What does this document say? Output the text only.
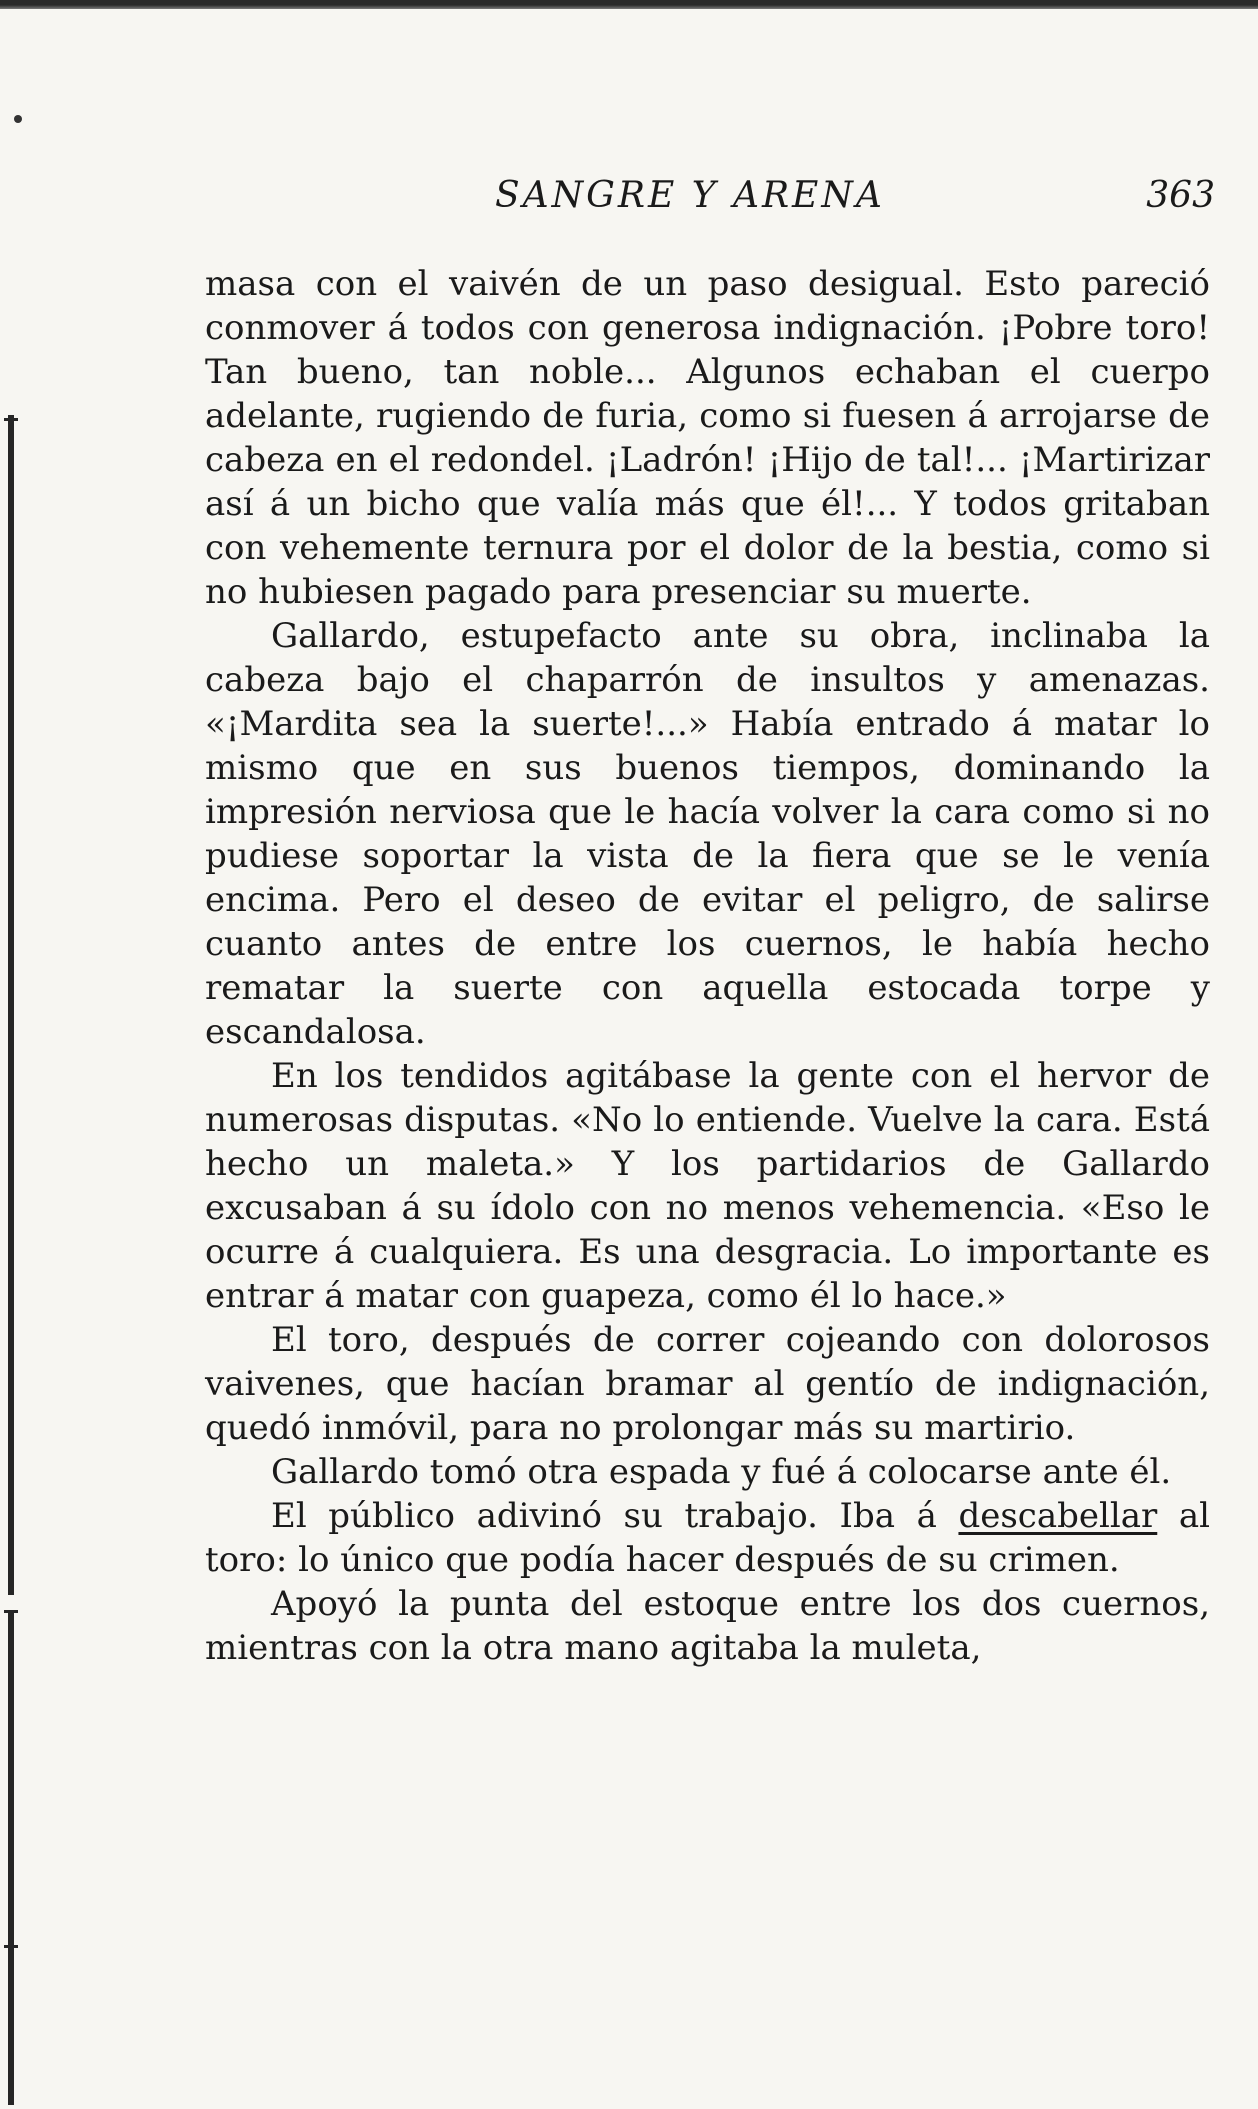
SANGRE Y ARENA	363

masa con el vaivén de un paso desigual. Esto pareció conmover á todos con generosa indignación. ¡Pobre toro! Tan bueno, tan noble... Algunos echaban el cuerpo adelante, rugiendo de furia, como si fuesen á arrojarse de cabeza en el redondel. ¡Ladrón! ¡Hijo de tal!... ¡Martirizar así á un bicho que valía más que él!... Y todos gritaban con vehemente ternura por el dolor de la bestia, como si no hubiesen pagado para presenciar su muerte.

Gallardo, estupefacto ante su obra, inclinaba la cabeza bajo el chaparrón de insultos y amenazas. «¡Mardita sea la suerte!...» Había entrado á matar lo mismo que en sus buenos tiempos, dominando la impresión nerviosa que le hacía volver la cara como si no pudiese soportar la vista de la fiera que se le venía encima. Pero el deseo de evitar el peligro, de salirse cuanto antes de entre los cuernos, le había hecho rematar la suerte con aquella estocada torpe y escandalosa.

En los tendidos agitábase la gente con el hervor de numerosas disputas. «No lo entiende. Vuelve la cara. Está hecho un maleta.» Y los partidarios de Gallardo excusaban á su ídolo con no menos vehemencia. «Eso le ocurre á cualquiera. Es una desgracia. Lo importante es entrar á matar con guapeza, como él lo hace.»

El toro, después de correr cojeando con dolorosos vaivenes, que hacían bramar al gentío de indignación, quedó inmóvil, para no prolongar más su martirio.

Gallardo tomó otra espada y fué á colocarse ante él.

El público adivinó su trabajo. Iba á descabellar al toro: lo único que podía hacer después de su crimen.

Apoyó la punta del estoque entre los dos cuernos, mientras con la otra mano agitaba la muleta,
